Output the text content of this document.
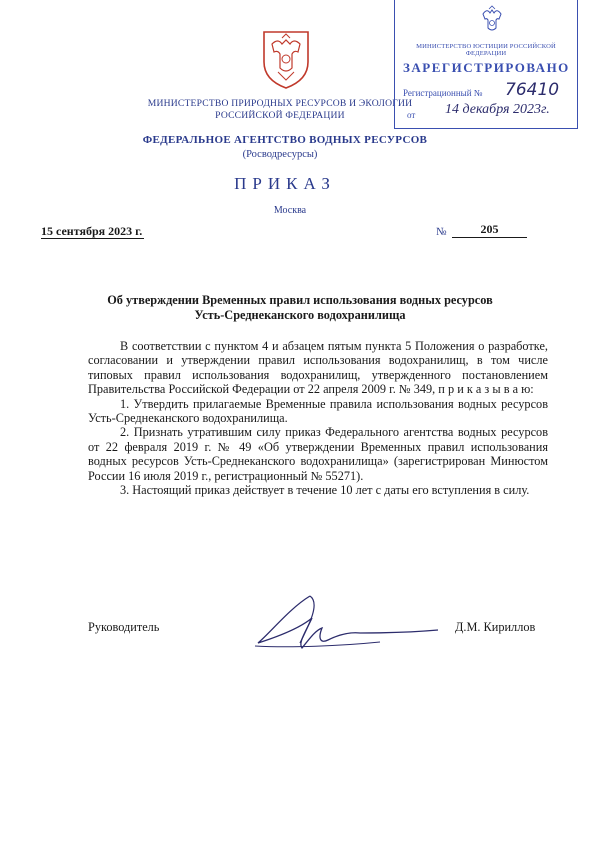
МИНИСТЕРСТВО ПРИРОДНЫХ РЕСУРСОВ И ЭКОЛОГИИ
РОССИЙСКОЙ ФЕДЕРАЦИИ
ФЕДЕРАЛЬНОЕ АГЕНТСТВО ВОДНЫХ РЕСУРСОВ
(Росводресурсы)
ПРИКАЗ
Москва
15 сентября 2023 г.	№	205
Об утверждении Временных правил использования водных ресурсов
Усть-Среднеканского водохранилища

В соответствии с пунктом 4 и абзацем пятым пункта 5 Положения о разработке, согласовании и утверждении правил использования водохранилищ, в том числе типовых правил использования водохранилищ, утвержденного постановлением Правительства Российской Федерации от 22 апреля 2009 г. № 349, п р и к а з ы в а ю:

1. Утвердить прилагаемые Временные правила использования водных ресурсов Усть-Среднеканского водохранилища.

2. Признать утратившим силу приказ Федерального агентства водных ресурсов от 22 февраля 2019 г. № 49 «Об утверждении Временных правил использования водных ресурсов Усть-Среднеканского водохранилища» (зарегистрирован Минюстом России 16 июля 2019 г., регистрационный № 55271).

3. Настоящий приказ действует в течение 10 лет с даты его вступления в силу.

Руководитель	Д.М. Кириллов
МИНИСТЕРСТВО ЮСТИЦИИ РОССИЙСКОЙ ФЕДЕРАЦИИ
ЗАРЕГИСТРИРОВАНО
Регистрационный № 76410
от 14 декабря 2023г.
